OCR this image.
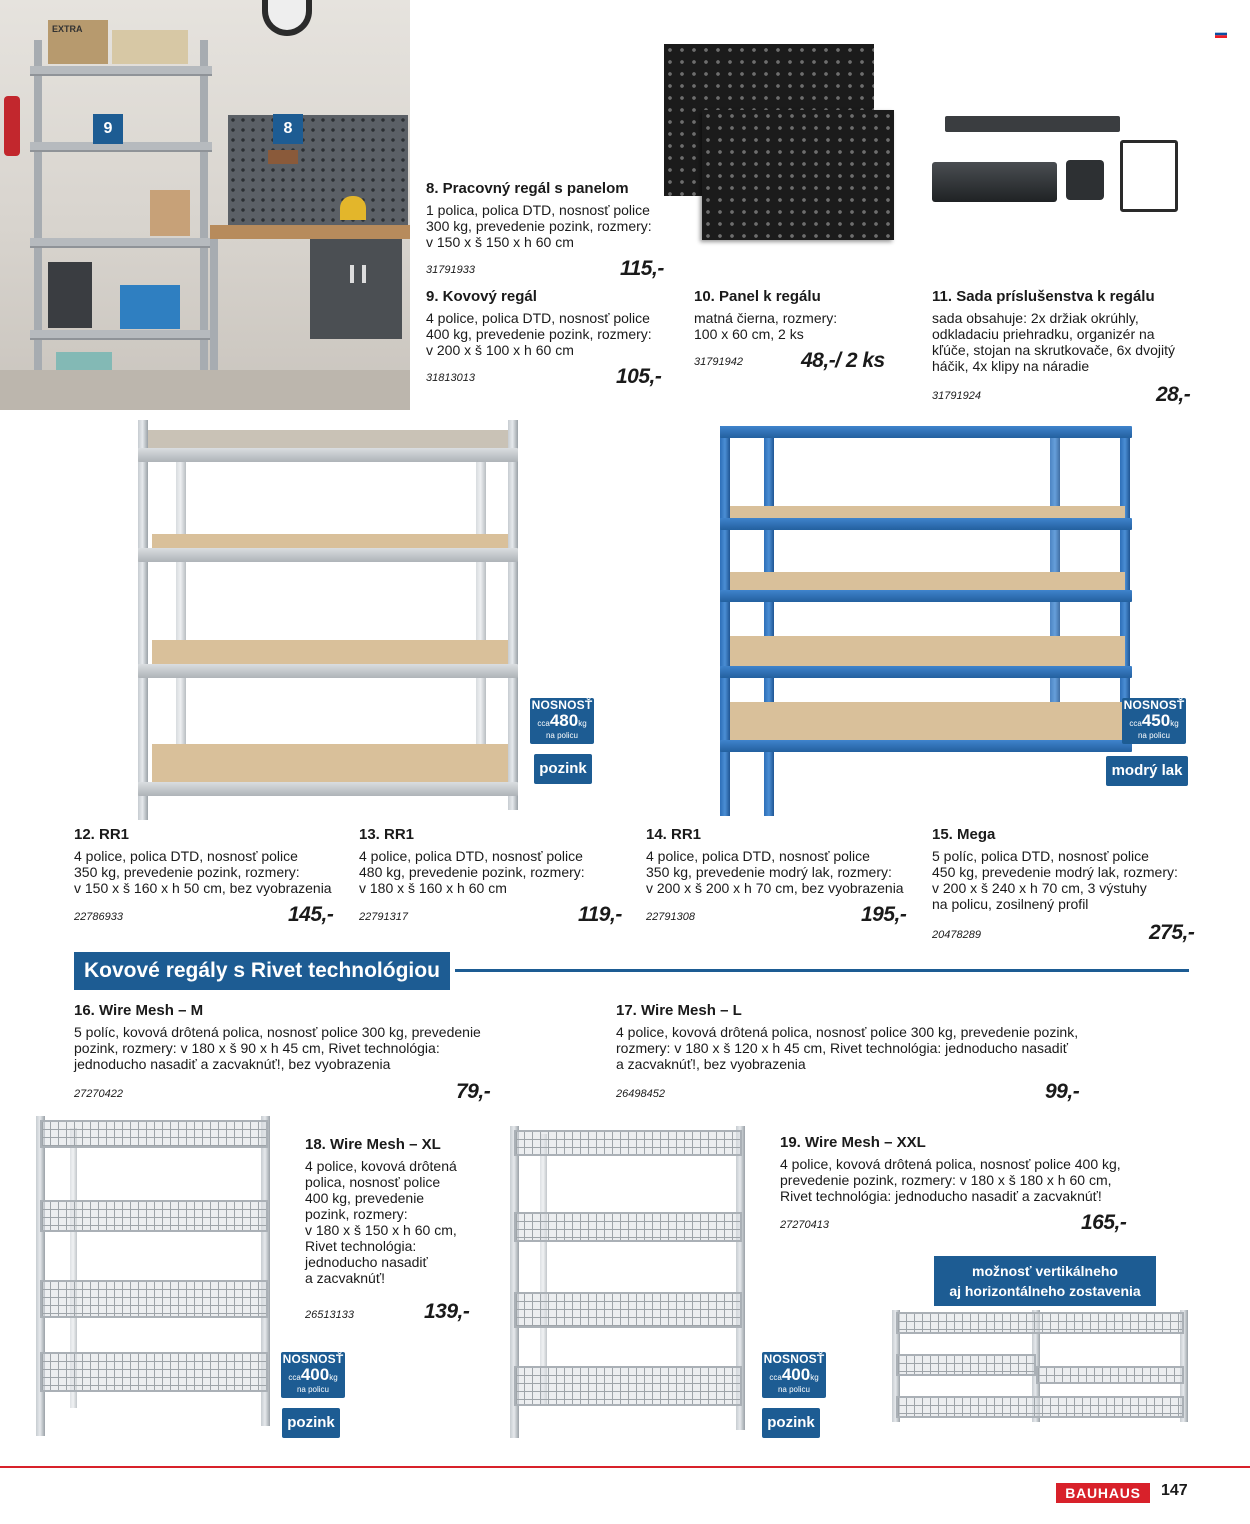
EXTRA
9	8
8. Pracovný regál s panelom
1 polica, polica DTD, nosnosť police
300 kg, prevedenie pozink, rozmery:
v 150 x š 150 x h 60 cm
31791933	115,-
9. Kovový regál
4 police, polica DTD, nosnosť police
400 kg, prevedenie pozink, rozmery:
v 200 x š 100 x h 60 cm
31813013	105,-
10. Panel k regálu
matná čierna, rozmery:
100 x 60 cm, 2 ks
31791942	48,-/ 2 ks
11. Sada príslušenstva k regálu
sada obsahuje: 2x držiak okrúhly,
odkladaciu priehradku, organizér na
kľúče, stojan na skrutkovače, 6x dvojitý
háčik, 4x klipy na náradie
31791924	28,-
NOSNOSŤ
cca480kg
na policu
pozink
NOSNOSŤ
cca450kg
na policu
modrý lak
12. RR1
4 police, polica DTD, nosnosť police
350 kg, prevedenie pozink, rozmery:
v 150 x š 160 x h 50 cm, bez vyobrazenia
22786933	145,-
13. RR1
4 police, polica DTD, nosnosť police
480 kg, prevedenie pozink, rozmery:
v 180 x š 160 x h 60 cm
22791317	119,-
14. RR1
4 police, polica DTD, nosnosť police
350 kg, prevedenie modrý lak, rozmery:
v 200 x š 200 x h 70 cm, bez vyobrazenia
22791308	195,-
15. Mega
5 políc, polica DTD, nosnosť police
450 kg, prevedenie modrý lak, rozmery:
v 200 x š 240 x h 70 cm, 3 výstuhy
na policu, zosilnený profil
20478289	275,-
Kovové regály s Rivet technológiou
16. Wire Mesh – M
5 políc, kovová drôtená polica, nosnosť police 300 kg, prevedenie
pozink, rozmery: v 180 x š 90 x h 45 cm, Rivet technológia:
jednoducho nasadiť a zacvaknúť!, bez vyobrazenia
27270422	79,-
17. Wire Mesh – L
4 police, kovová drôtená polica, nosnosť police 300 kg, prevedenie pozink,
rozmery: v 180 x š 120 x h 45 cm, Rivet technológia: jednoducho nasadiť
a zacvaknúť!, bez vyobrazenia
26498452	99,-
18. Wire Mesh – XL
4 police, kovová drôtená
polica, nosnosť police
400 kg, prevedenie
pozink, rozmery:
v 180 x š 150 x h 60 cm,
Rivet technológia:
jednoducho nasadiť
a zacvaknúť!
26513133	139,-
NOSNOSŤ
cca400kg
na policu
pozink
NOSNOSŤ
cca400kg
na policu
pozink
19. Wire Mesh – XXL
4 police, kovová drôtená polica, nosnosť police 400 kg,
prevedenie pozink, rozmery: v 180 x š 180 x h 60 cm,
Rivet technológia: jednoducho nasadiť a zacvaknúť!
27270413	165,-
možnosť vertikálneho
aj horizontálneho zostavenia
BAUHAUS	147
